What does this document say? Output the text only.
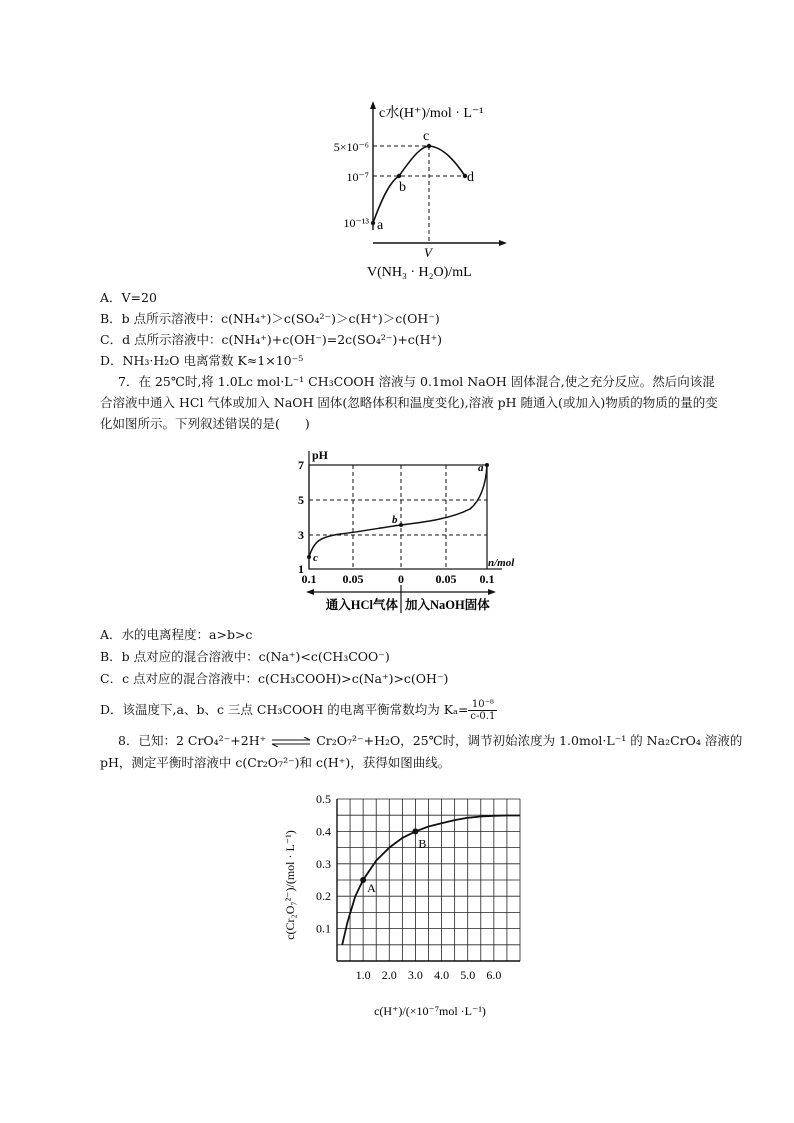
c水(H⁺)/mol · L⁻¹
5×10⁻⁶
10⁻⁷
10⁻¹³ a
b
c
d
V
V(NH₃ · H₂O)/mL
A．V=20
B．b 点所示溶液中：c(NH₄⁺)＞c(SO₄²⁻)＞c(H⁺)＞c(OH⁻)
C．d 点所示溶液中：c(NH₄⁺)+c(OH⁻)=2c(SO₄²⁻)+c(H⁺)
D．NH₃·H₂O 电离常数 K≈1×10⁻⁵
7．在 25℃时,将 1.0Lc mol·L⁻¹ CH₃COOH 溶液与 0.1mol NaOH 固体混合,使之充分反应。然后向该混合溶液中通入 HCl 气体或加入 NaOH 固体(忽略体积和温度变化),溶液 pH 随通入(或加入)物质的物质的量的变化如图所示。下列叙述错误的是(　　)
pH
7
5
3
1
a
b
c	n/mol
0.1 0.05	0	0.05 0.1
通入HCl气体 加入NaOH固体
A．水的电离程度：a>b>c
B．b 点对应的混合溶液中：c(Na⁺)<c(CH₃COO⁻)
C．c 点对应的混合溶液中：c(CH₃COOH)>c(Na⁺)>c(OH⁻)
D．该温度下,a、b、c 三点 CH₃COOH 的电离平衡常数均为 $K_a= \frac{\text{10⁻⁸}}{c-0.1}$
8．已知：2 CrO₄²⁻+2H⁺ ⇌ Cr₂O₇²⁻+H₂O，25℃时，调节初始浓度为 1.0mol·L⁻¹ 的 Na₂CrO₄ 溶液的
pH，测定平衡时溶液中 c(Cr₂O₇²⁻)和 c(H⁺)，获得如图曲线。
c(Cr₂O₇²⁻)/(mol · L⁻¹)
c(H⁺)/(×10⁻⁷mol ·L⁻¹)
1.0 2.0 3.0 4.0 5.0 6.0
0.1
0.2
0.3
0.4
0.5
A
B
